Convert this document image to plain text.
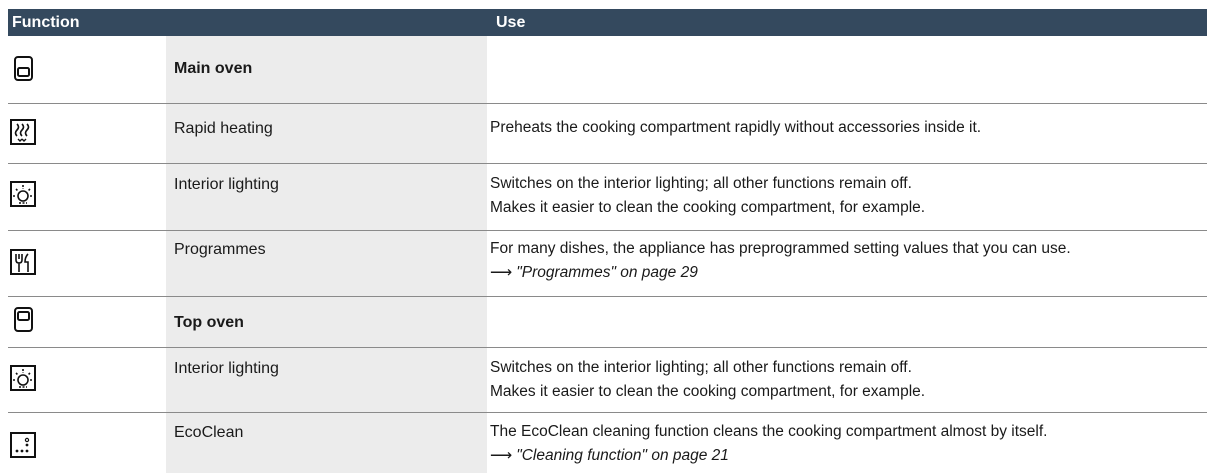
Function	Use
Main oven
Rapid heating	Preheats the cooking compartment rapidly without accessories inside it.
Interior lighting	Switches on the interior lighting; all other functions remain off.
Makes it easier to clean the cooking compartment, for example.
Programmes	For many dishes, the appliance has preprogrammed setting values that you can use.
⟶ "Programmes" on page 29
Top oven
Interior lighting	Switches on the interior lighting; all other functions remain off.
Makes it easier to clean the cooking compartment, for example.
EcoClean	The EcoClean cleaning function cleans the cooking compartment almost by itself.
⟶ "Cleaning function" on page 21
